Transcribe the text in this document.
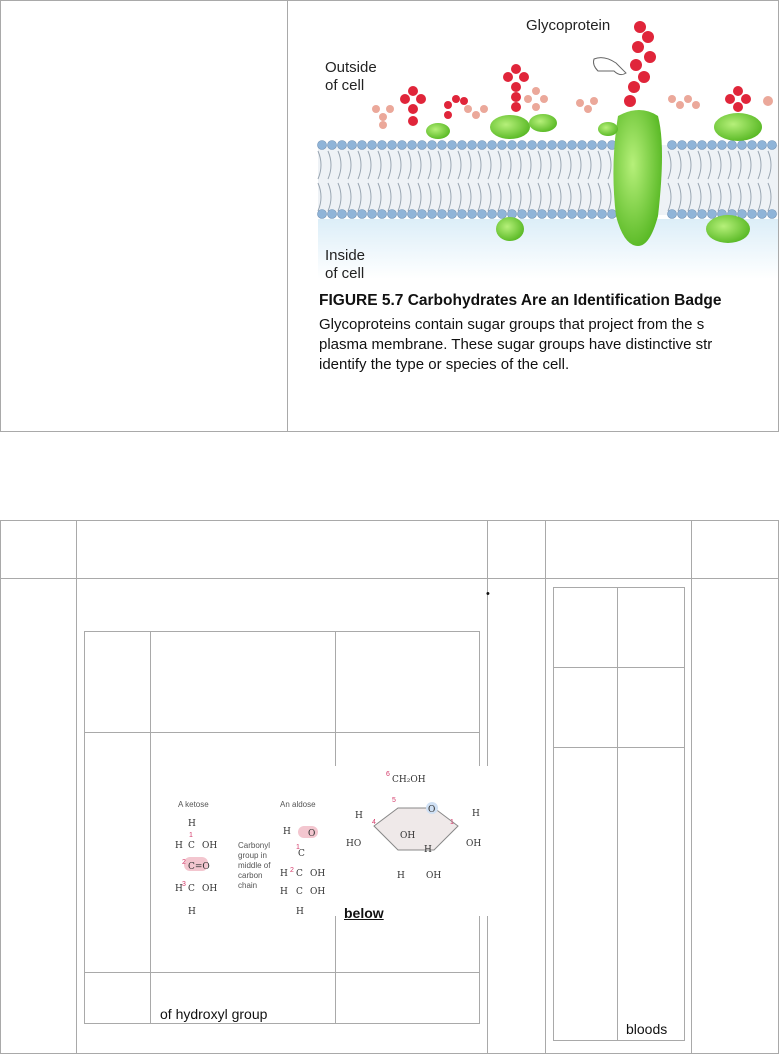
Outside
of cell
Inside
of cell
Glycoprotein
FIGURE 5.7 Carbohydrates Are an Identification Badge
Glycoproteins contain sugar groups that project from the s
plasma membrane. These sugar groups have distinctive str
identify the type or species of the cell.
•
A ketose
H
H C OH
1
2 C=O
3
H C OH
H
Carbonyl
group in
middle of
carbon
chain
An aldose
H O
1
C
2
H C OH
H C OH
H
CH₂OH
6
O
5
H
HO
H
OH
OH
H OH
H
4	1
below
of hydroxyl group
bloods
